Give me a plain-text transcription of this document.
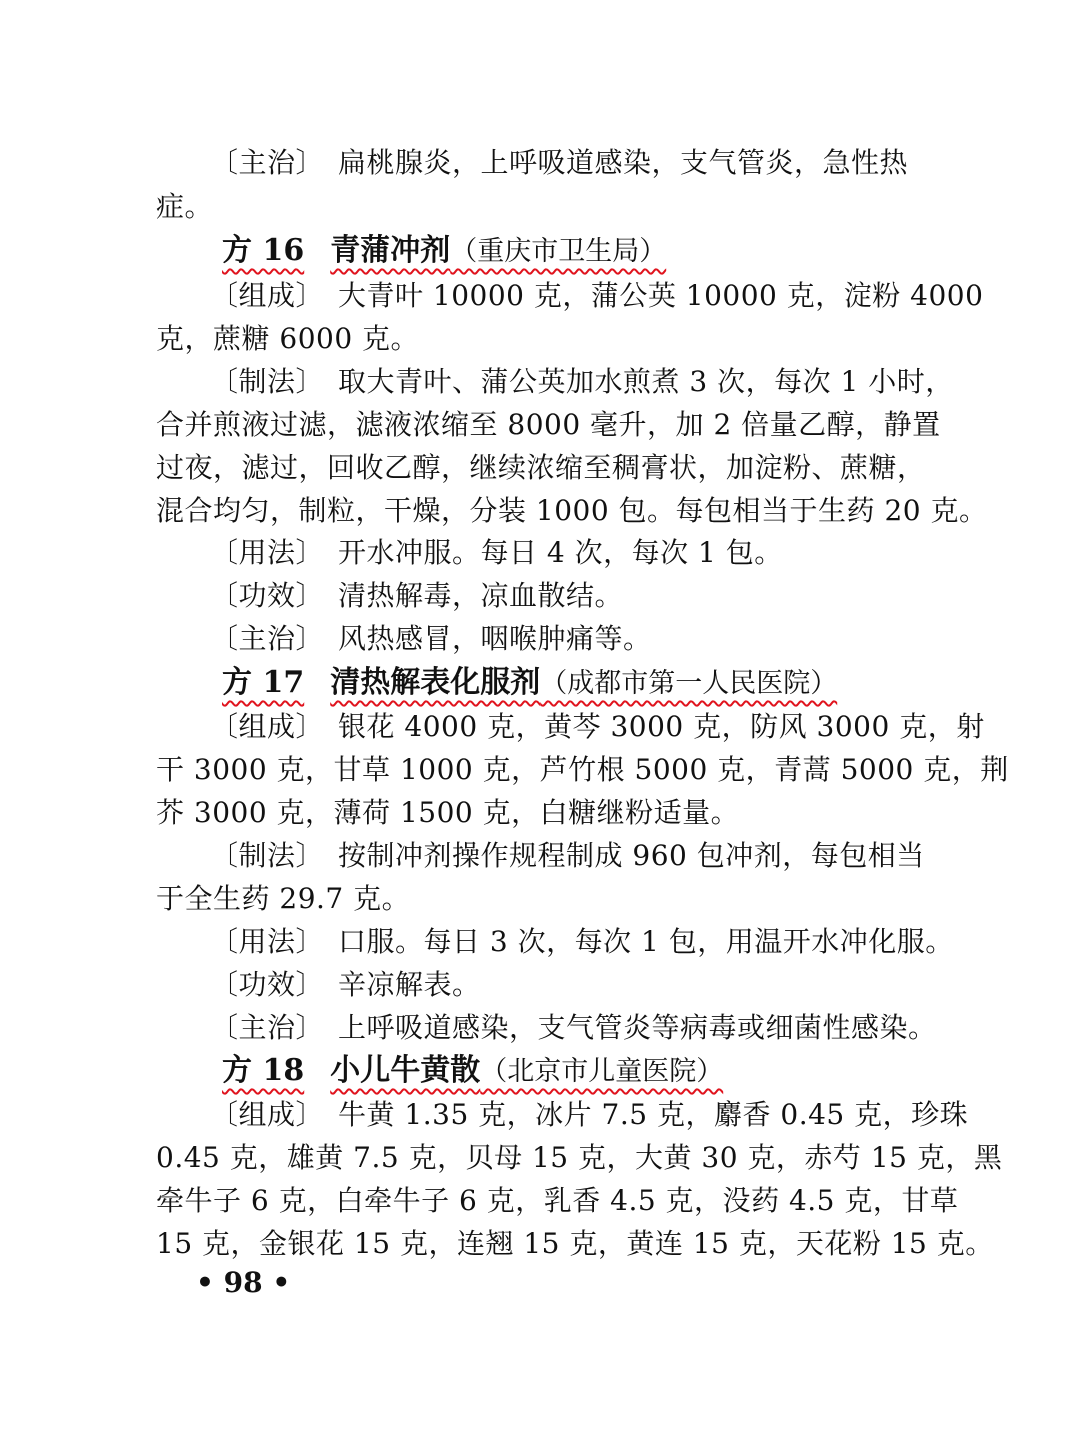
〔主治〕 扁桃腺炎，上呼吸道感染，支气管炎，急性热
症。
方 16 青蒲冲剂（重庆市卫生局）
〔组成〕 大青叶 10000 克，蒲公英 10000 克，淀粉 4000
克，蔗糖 6000 克。
〔制法〕 取大青叶、蒲公英加水煎煮 3 次，每次 1 小时，
合并煎液过滤，滤液浓缩至 8000 毫升，加 2 倍量乙醇，静置
过夜，滤过，回收乙醇，继续浓缩至稠膏状，加淀粉、蔗糖，
混合均匀，制粒，干燥，分装 1000 包。每包相当于生药 20 克。
〔用法〕 开水冲服。每日 4 次，每次 1 包。
〔功效〕 清热解毒，凉血散结。
〔主治〕 风热感冒，咽喉肿痛等。
方 17 清热解表化服剂（成都市第一人民医院）
〔组成〕 银花 4000 克，黄芩 3000 克，防风 3000 克，射
干 3000 克，甘草 1000 克，芦竹根 5000 克，青蒿 5000 克，荆
芥 3000 克，薄荷 1500 克，白糖继粉适量。
〔制法〕 按制冲剂操作规程制成 960 包冲剂，每包相当
于全生药 29.7 克。
〔用法〕 口服。每日 3 次，每次 1 包，用温开水冲化服。
〔功效〕 辛凉解表。
〔主治〕 上呼吸道感染，支气管炎等病毒或细菌性感染。
方 18 小儿牛黄散（北京市儿童医院）
〔组成〕 牛黄 1.35 克，冰片 7.5 克，麝香 0.45 克，珍珠
0.45 克，雄黄 7.5 克，贝母 15 克，大黄 30 克，赤芍 15 克，黑
牵牛子 6 克，白牵牛子 6 克，乳香 4.5 克，没药 4.5 克，甘草
15 克，金银花 15 克，连翘 15 克，黄连 15 克，天花粉 15 克。
• 98 •
